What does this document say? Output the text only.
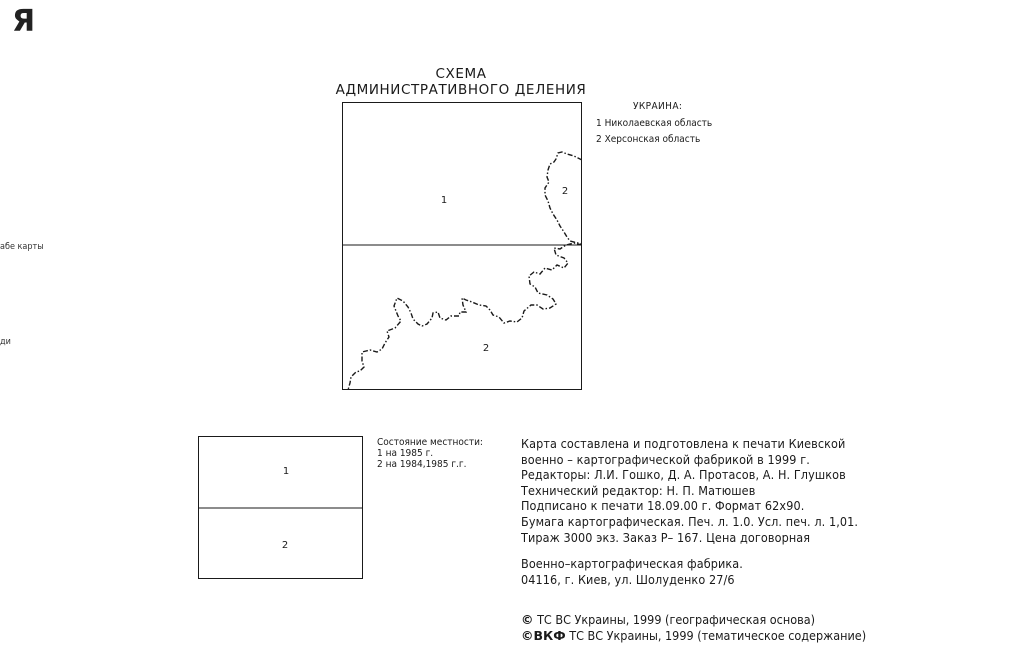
Я
абе карты
ди
СХЕМА
АДМИНИСТРАТИВНОГО ДЕЛЕНИЯ
УКРАИНА:
1 Николаевская область
2 Херсонская область
1
2
2
1
2
Состояние местности:
1 на 1985 г.
2 на 1984,1985 г.г.
Карта составлена и подготовлена к печати Киевской
военно – картографической фабрикой в 1999 г.
Редакторы: Л.И. Гошко, Д. А. Протасов, А. Н. Глушков
Технический редактор: Н. П. Матюшев
Подписано к печати 18.09.00 г. Формат 62х90.
Бумага картографическая. Печ. л. 1.0. Усл. печ. л. 1,01.
Тираж 3000 экз. Заказ Р– 167. Цена договорная
Военно–картографическая фабрика.
04116, г. Киев, ул. Шолуденко 27/6
© ТС ВС Украины, 1999 (географическая основа)
©ВКФ ТС ВС Украины, 1999 (тематическое содержание)
